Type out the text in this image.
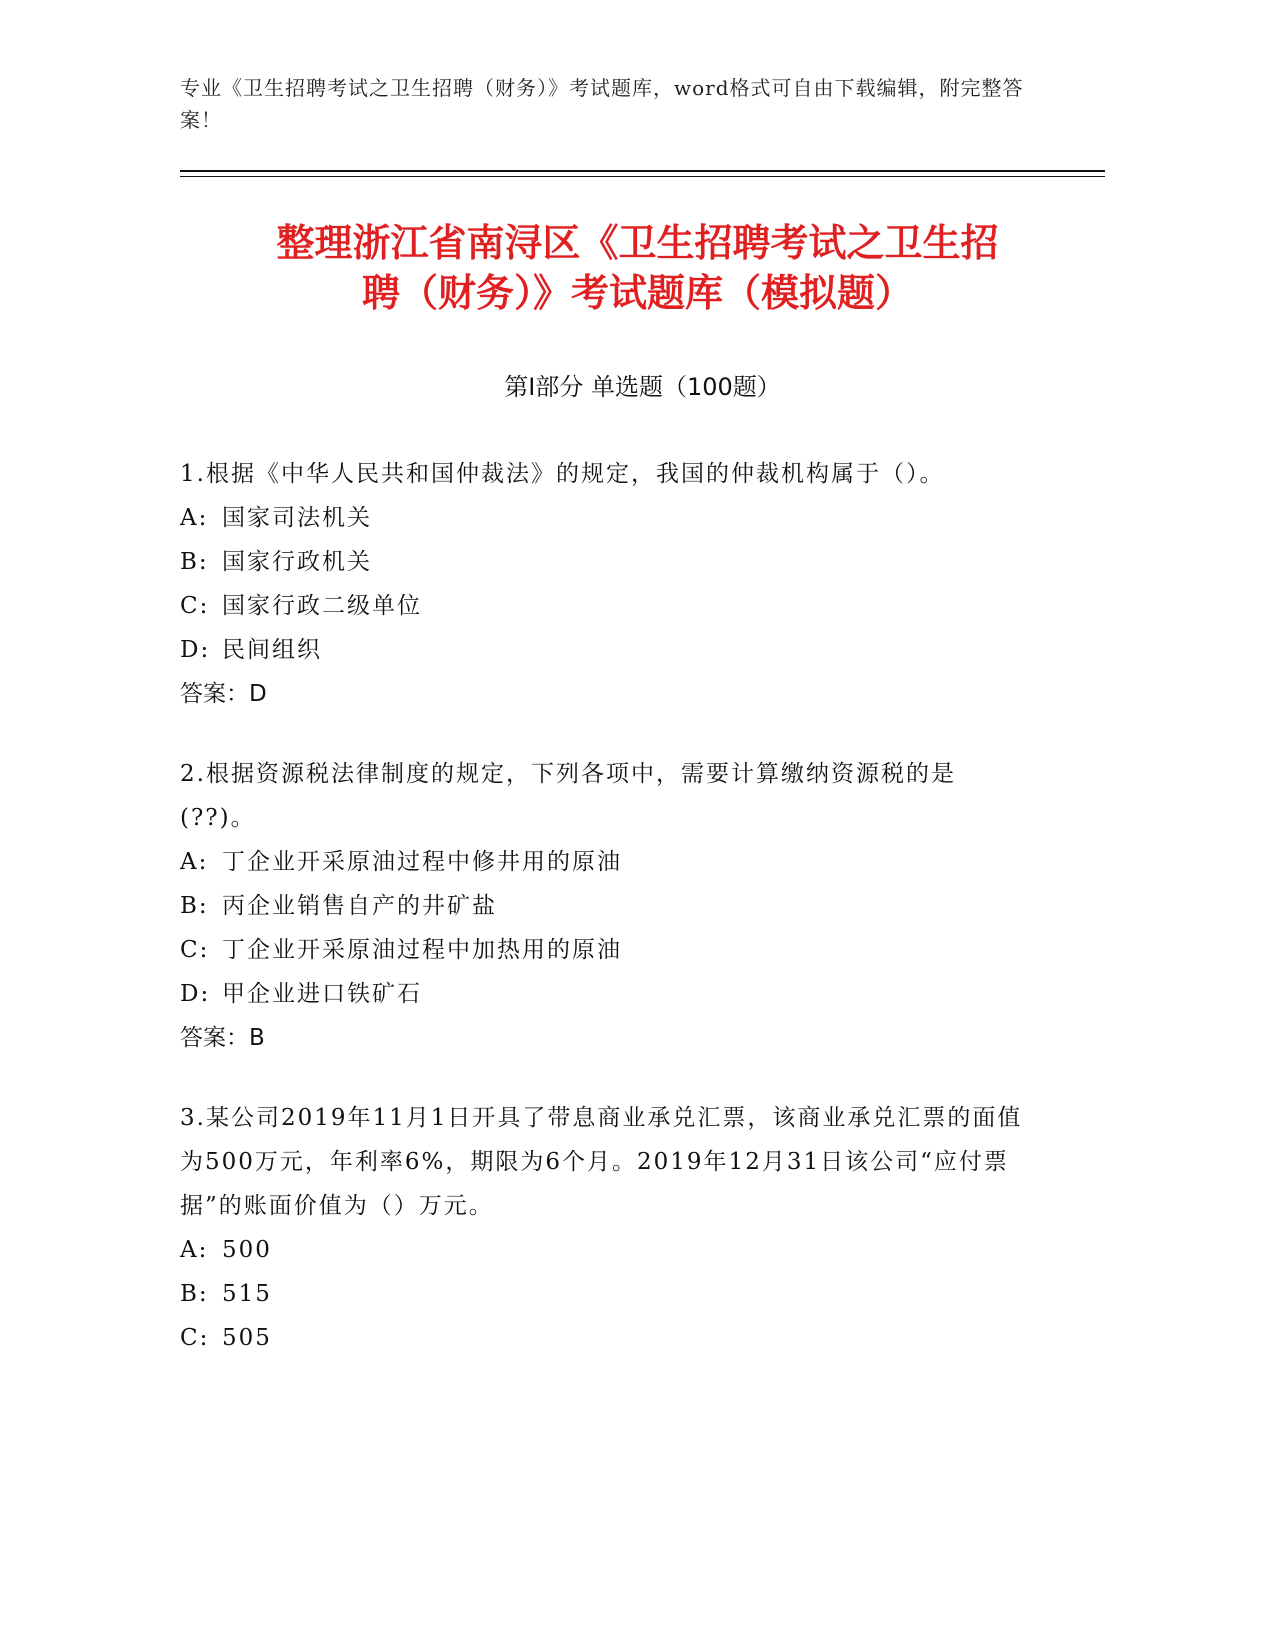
专业《卫生招聘考试之卫生招聘（财务）》考试题库，word格式可自由下载编辑，附完整答案！
整理浙江省南浔区《卫生招聘考试之卫生招
聘（财务）》考试题库（模拟题）
第Ⅰ部分 单选题（100题）
1.根据《中华人民共和国仲裁法》的规定，我国的仲裁机构属于（）。
A: 国家司法机关
B: 国家行政机关
C: 国家行政二级单位
D: 民间组织
答案：D
2.根据资源税法律制度的规定，下列各项中，需要计算缴纳资源税的是(??)。
A: 丁企业开采原油过程中修井用的原油
B: 丙企业销售自产的井矿盐
C: 丁企业开采原油过程中加热用的原油
D: 甲企业进口铁矿石
答案：B
3.某公司2019年11月1日开具了带息商业承兑汇票，该商业承兑汇票的面值为500万元，年利率6%，期限为6个月。2019年12月31日该公司“应付票据”的账面价值为（）万元。
A: 500
B: 515
C: 505
